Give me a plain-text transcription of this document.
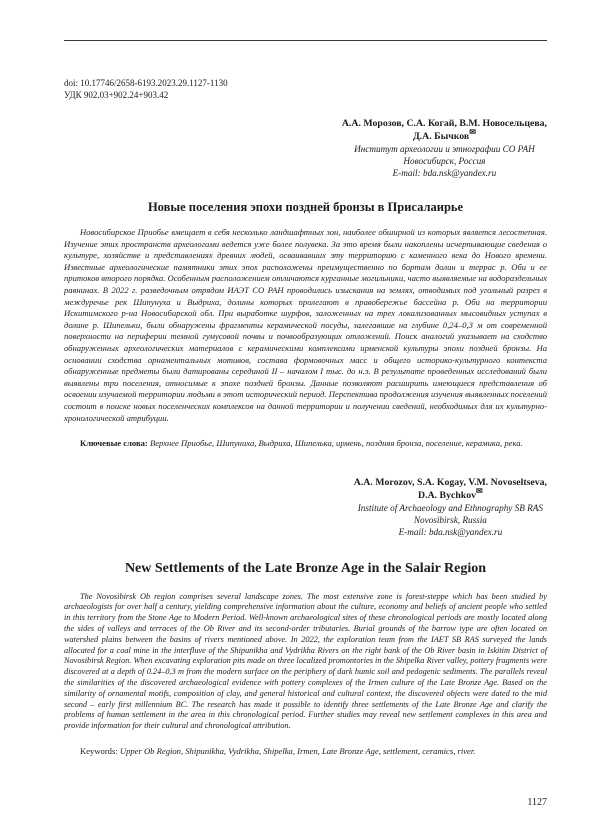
doi: 10.17746/2658-6193.2023.29.1127-1130
УДК 902.03+902.24+903.42
А.А. Морозов, С.А. Когай, В.М. Новосельцева,
Д.А. Бычков✉
Институт археологии и этнографии СО РАН
Новосибирск, Россия
E-mail: bda.nsk@yandex.ru
Новые поселения эпохи поздней бронзы в Присалаирье
Новосибирское Приобье вмещает в себя несколько ландшафтных зон, наиболее обширной из которых является лесостепная. Изучение этих пространств археологами ведется уже более полувека. За это время были накоплены исчерпывающие сведения о культуре, хозяйстве и представлениях древних людей, осваивавших эту территорию с каменного века до Нового времени. Известные археологические памятники этих эпох расположены преимущественно по бортам долин и террас р. Оби и ее притоков второго порядка. Особенным расположением отличаются курганные могильники, часто выявляемые на водораздельных равнинах. В 2022 г. разведочным отрядом ИАЭТ СО РАН проводились изыскания на землях, отводимых под угольный разрез в междуречье рек Шипунуха и Выдриха, долины которых пролегают в правобережье бассейна р. Оби на территории Искитимского р-на Новосибирской обл. При выработке шурфов, заложенных на трех локализованных мысовидных уступах в долине р. Шипельки, были обнаружены фрагменты керамической посуды, залегавшие на глубине 0,24–0,3 м от современной поверхности на периферии темной гумусовой почвы и почвообразующих отложений. Поиск аналогий указывает на сходство обнаруженных археологических материалов с керамическими комплексами ирменской культуры эпохи поздней бронзы. На основании сходства орнаментальных мотивов, состава формовочных масс и общего историко-культурного контекста обнаруженные предметы были датированы серединой II – началом I тыс. до н.э. В результате проведенных исследований были выявлены три поселения, относимые к эпохе поздней бронзы. Данные позволяют расширить имеющиеся представления об освоении изучаемой территории людьми в этот исторический период. Перспектива продолжения изучения выявленных поселений состоит в поиске новых поселенческих комплексов на данной территории и получении сведений, необходимых для их культурно-хронологической атрибуции.
Ключевые слова: Верхнее Приобье, Шипуниха, Выдриха, Шипелька, ирмень, поздняя бронза, поселение, керамика, река.
A.A. Morozov, S.A. Kogay, V.M. Novoseltseva,
D.A. Bychkov✉
Institute of Archaeology and Ethnography SB RAS
Novosibirsk, Russia
E-mail: bda.nsk@yandex.ru
New Settlements of the Late Bronze Age in the Salair Region
The Novosibirsk Ob region comprises several landscape zones. The most extensive zone is forest-steppe which has been studied by archaeologists for over half a century, yielding comprehensive information about the culture, economy and beliefs of ancient people who settled in this territory from the Stone Age to Modern Period. Well-known archaeological sites of these chronological periods are mostly located along the sides of valleys and terraces of the Ob River and its second-order tributaries. Burial grounds of the barrow type are often located on watershed plains between the basins of rivers mentioned above. In 2022, the exploration team from the IAET SB RAS surveyed the lands allocated for a coal mine in the interfluve of the Shipunikha and Vydrikha Rivers on the right bank of the Ob River basin in Iskitim District of Novosibirsk Region. When excavating exploration pits made on three localized promontories in the Shipelka River valley, pottery fragments were discovered at a depth of 0.24–0.3 m from the modern surface on the periphery of dark humic soil and pedogenic sediments. The parallels reveal the similarities of the discovered archaeological evidence with pottery complexes of the Irmen culture of the Late Bronze Age. Based on the similarity of ornamental motifs, composition of clay, and general historical and cultural context, the discovered objects were dated to the mid second – early first millennium BC. The research has made it possible to identify three settlements of the Late Bronze Age and clarify the problems of human settlement in the area in this chronological period. Further studies may reveal new settlement complexes in this area and provide information for their cultural and chronological attribution.
Keywords: Upper Ob Region, Shipunikha, Vydrikha, Shipelka, Irmen, Late Bronze Age, settlement, ceramics, river.
1127
